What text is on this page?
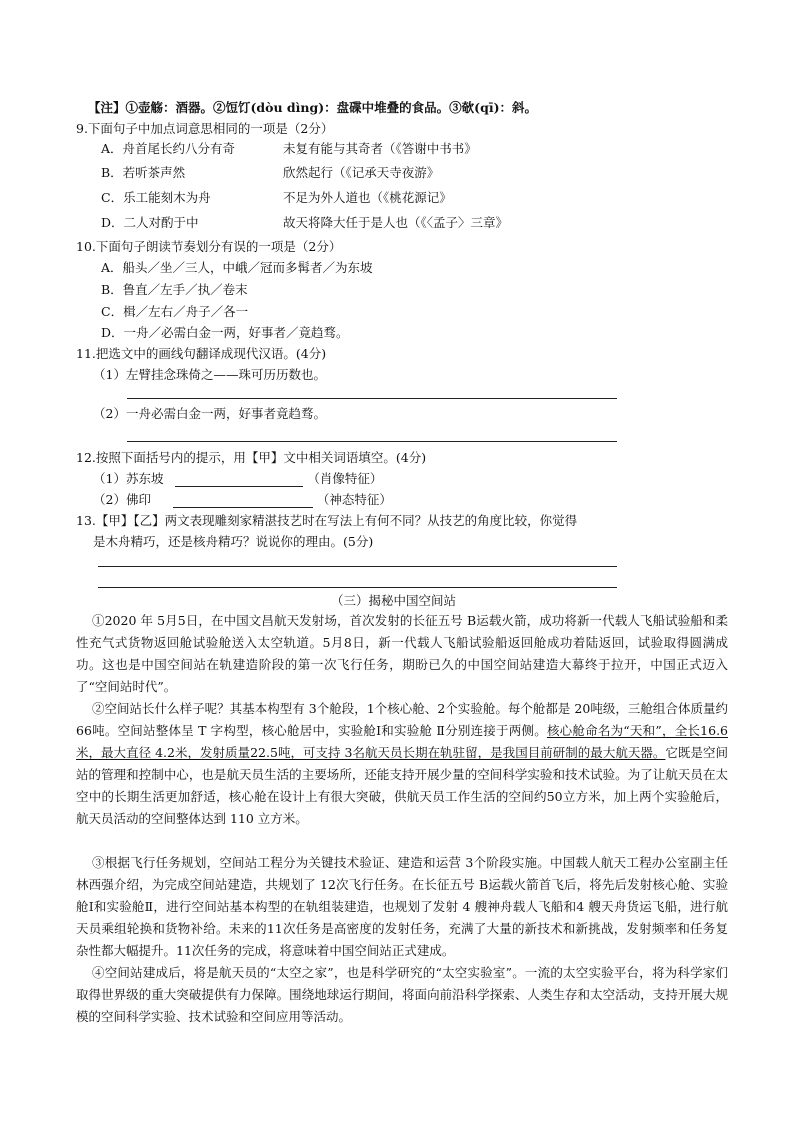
【注】①壶觞：酒器。②饾饤(dòu dìng)：盘碟中堆叠的食品。③欹(qī)：斜。
9.下面句子中加点词意思相同的一项是（2分）
A．舟首尾长约八分有奇	未复有能与其奇者（《答谢中书书》
B．若听茶声然	欣然起行（《记承天寺夜游》
C．乐工能刻木为舟	不足为外人道也（《桃花源记》
D．二人对酌于中	故天将降大任于是人也（《〈孟子〉三章》
10.下面句子朗读节奏划分有误的一项是（2分）
A．船头／坐／三人，中峨／冠而多髯者／为东坡
B．鲁直／左手／执／卷末
C．楫／左右／舟子／各一
D．一舟／必需白金一两，好事者／竟趋骛。
11.把选文中的画线句翻译成现代汉语。(4分)
（1）左臂挂念珠倚之——珠可历历数也。
（2）一舟必需白金一两，好事者竟趋骛。
12.按照下面括号内的提示，用【甲】文中相关词语填空。(4分)
（1）苏东坡	（肖像特征）
（2）佛印	（神态特征）
13.【甲】【乙】两文表现雕刻家精湛技艺时在写法上有何不同？从技艺的角度比较，你觉得
是木舟精巧，还是核舟精巧？说说你的理由。(5分)
（三）揭秘中国空间站

①2020 年 5月5日，在中国文昌航天发射场，首次发射的长征五号 B运载火箭，成功将新一代载人飞船试验船和柔性充气式货物返回舱试验舱送入太空轨道。5月8日，新一代载人飞船试验船返回舱成功着陆返回，试验取得圆满成功。这也是中国空间站在轨建造阶段的第一次飞行任务，期盼已久的中国空间站建造大幕终于拉开，中国正式迈入了“空间站时代”。

②空间站长什么样子呢？其基本构型有 3个舱段，1个核心舱、2个实验舱。每个舱都是 20吨级，三舱组合体质量约66吨。空间站整体呈 T 字构型，核心舱居中，实验舱Ⅰ和实验舱 Ⅱ分别连接于两侧。核心舱命名为“天和”，全长16.6米，最大直径 4.2米，发射质量22.5吨，可支持 3名航天员长期在轨驻留，是我国目前研制的最大航天器。它既是空间站的管理和控制中心，也是航天员生活的主要场所，还能支持开展少量的空间科学实验和技术试验。为了让航天员在太空中的长期生活更加舒适，核心舱在设计上有很大突破，供航天员工作生活的空间约50立方米，加上两个实验舱后，航天员活动的空间整体达到 110 立方米。

③根据飞行任务规划，空间站工程分为关键技术验证、建造和运营 3个阶段实施。中国载人航天工程办公室副主任林西强介绍，为完成空间站建造，共规划了 12次飞行任务。在长征五号 B运载火箭首飞后，将先后发射核心舱、实验舱Ⅰ和实验舱Ⅱ，进行空间站基本构型的在轨组装建造，也规划了发射 4 艘神舟载人飞船和4 艘天舟货运飞船，进行航天员乘组轮换和货物补给。未来的11次任务是高密度的发射任务，充满了大量的新技术和新挑战，发射频率和任务复杂性都大幅提升。11次任务的完成，将意味着中国空间站正式建成。

④空间站建成后，将是航天员的“太空之家”，也是科学研究的“太空实验室”。一流的太空实验平台，将为科学家们取得世界级的重大突破提供有力保障。围绕地球运行期间，将面向前沿科学探索、人类生存和太空活动，支持开展大规模的空间科学实验、技术试验和空间应用等活动。
